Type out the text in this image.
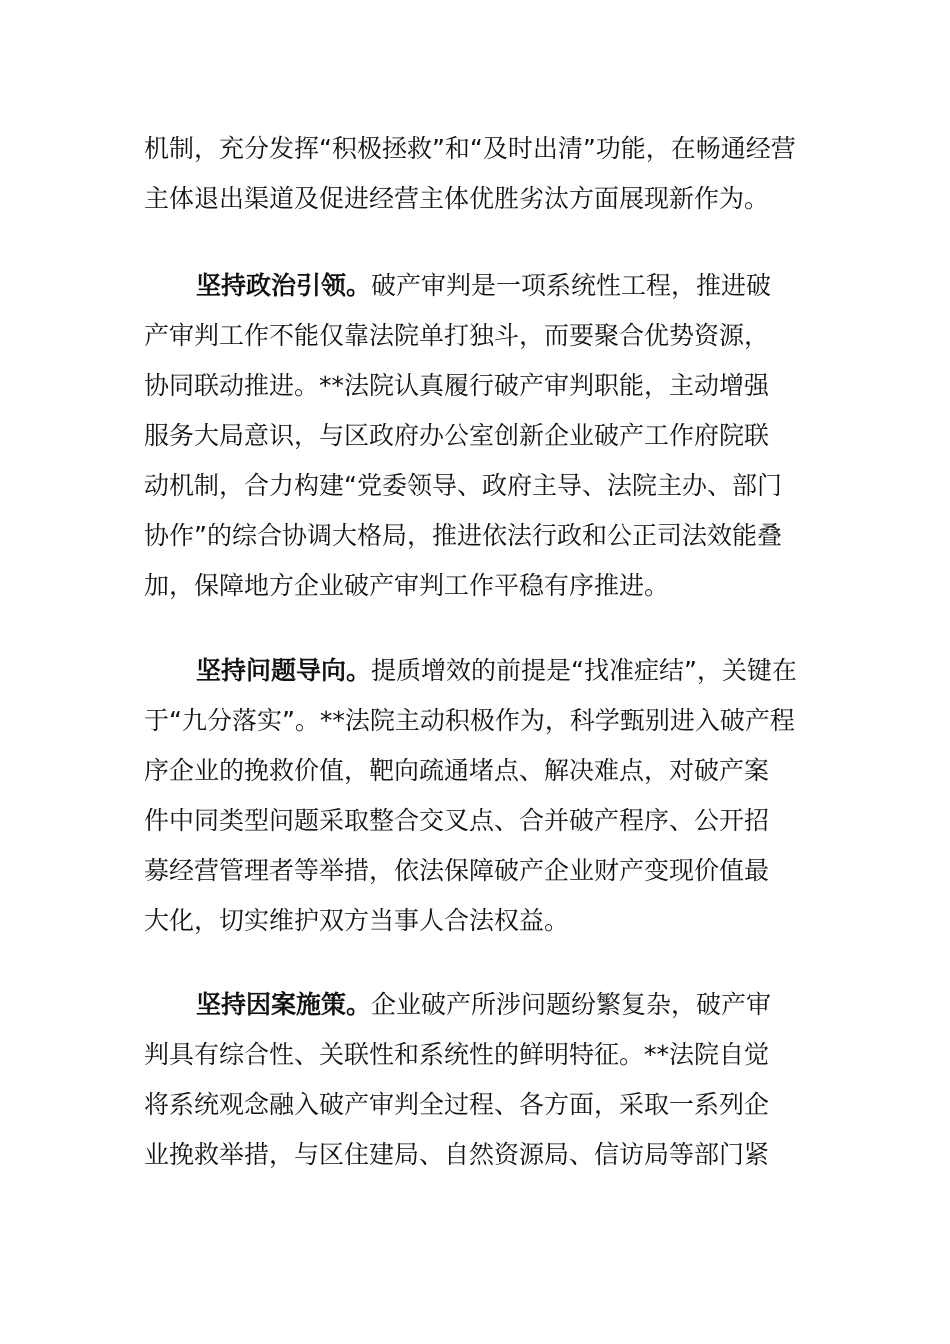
机制，充分发挥“积极拯救”和“及时出清”功能，在畅通经营
主体退出渠道及促进经营主体优胜劣汰方面展现新作为。
坚持政治引领。破产审判是一项系统性工程，推进破
产审判工作不能仅靠法院单打独斗，而要聚合优势资源，
协同联动推进。**法院认真履行破产审判职能，主动增强
服务大局意识，与区政府办公室创新企业破产工作府院联
动机制，合力构建“党委领导、政府主导、法院主办、部门
协作”的综合协调大格局，推进依法行政和公正司法效能叠
加，保障地方企业破产审判工作平稳有序推进。
坚持问题导向。提质增效的前提是“找准症结”，关键在
于“九分落实”。**法院主动积极作为，科学甄别进入破产程
序企业的挽救价值，靶向疏通堵点、解决难点，对破产案
件中同类型问题采取整合交叉点、合并破产程序、公开招
募经营管理者等举措，依法保障破产企业财产变现价值最
大化，切实维护双方当事人合法权益。
坚持因案施策。企业破产所涉问题纷繁复杂，破产审
判具有综合性、关联性和系统性的鲜明特征。**法院自觉
将系统观念融入破产审判全过程、各方面，采取一系列企
业挽救举措，与区住建局、自然资源局、信访局等部门紧
